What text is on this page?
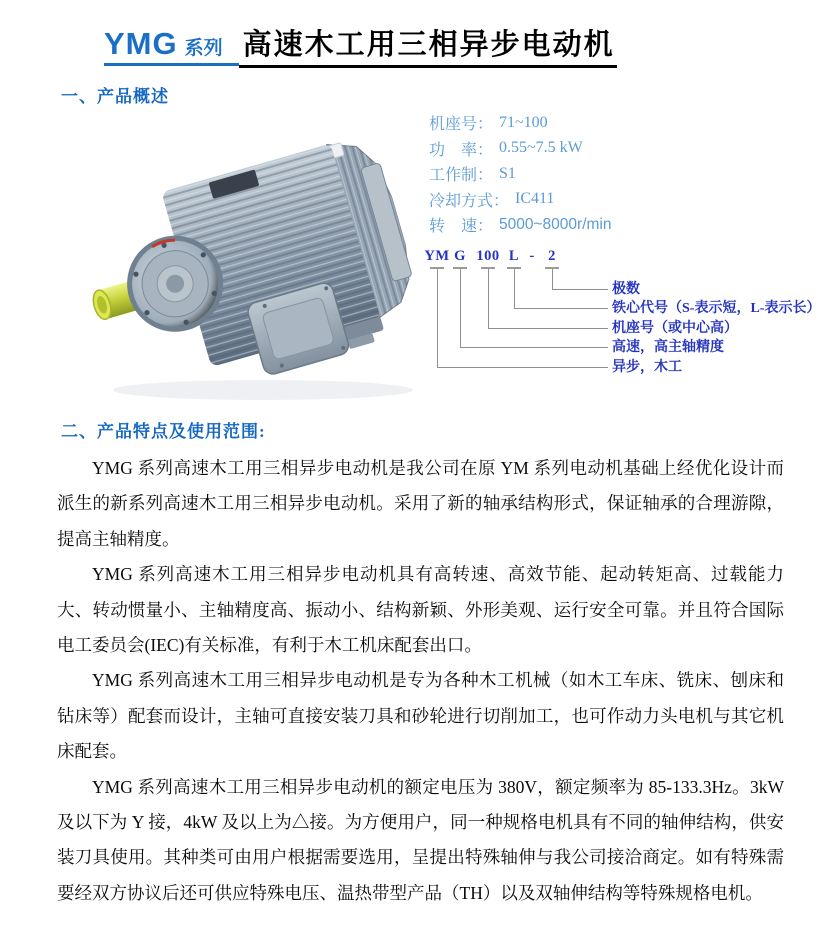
YMG 系列 高速木工用三相异步电动机
一、产品概述
机座号： 71~100
功　率： 0.55~7.5 kW
工作制： S1
冷却方式： IC411
转　速： 5000~8000r/min
YM G 100 L - 2
极数
铁心代号（S-表示短，L-表示长）
机座号（或中心高）
高速，高主轴精度
异步，木工
二、产品特点及使用范围:

YMG 系列高速木工用三相异步电动机是我公司在原 YM 系列电动机基础上经优化设计而派生的新系列高速木工用三相异步电动机。采用了新的轴承结构形式，保证轴承的合理游隙，提高主轴精度。

YMG 系列高速木工用三相异步电动机具有高转速、高效节能、起动转矩高、过载能力大、转动惯量小、主轴精度高、振动小、结构新颖、外形美观、运行安全可靠。并且符合国际电工委员会(IEC)有关标准，有利于木工机床配套出口。

YMG 系列高速木工用三相异步电动机是专为各种木工机械（如木工车床、铣床、刨床和钻床等）配套而设计，主轴可直接安装刀具和砂轮进行切削加工，也可作动力头电机与其它机床配套。

YMG 系列高速木工用三相异步电动机的额定电压为 380V，额定频率为 85-133.3Hz。3kW 及以下为 Y 接，4kW 及以上为△接。为方便用户，同一种规格电机具有不同的轴伸结构，供安装刀具使用。其种类可由用户根据需要选用，呈提出特殊轴伸与我公司接洽商定。如有特殊需要经双方协议后还可供应特殊电压、温热带型产品（TH）以及双轴伸结构等特殊规格电机。
